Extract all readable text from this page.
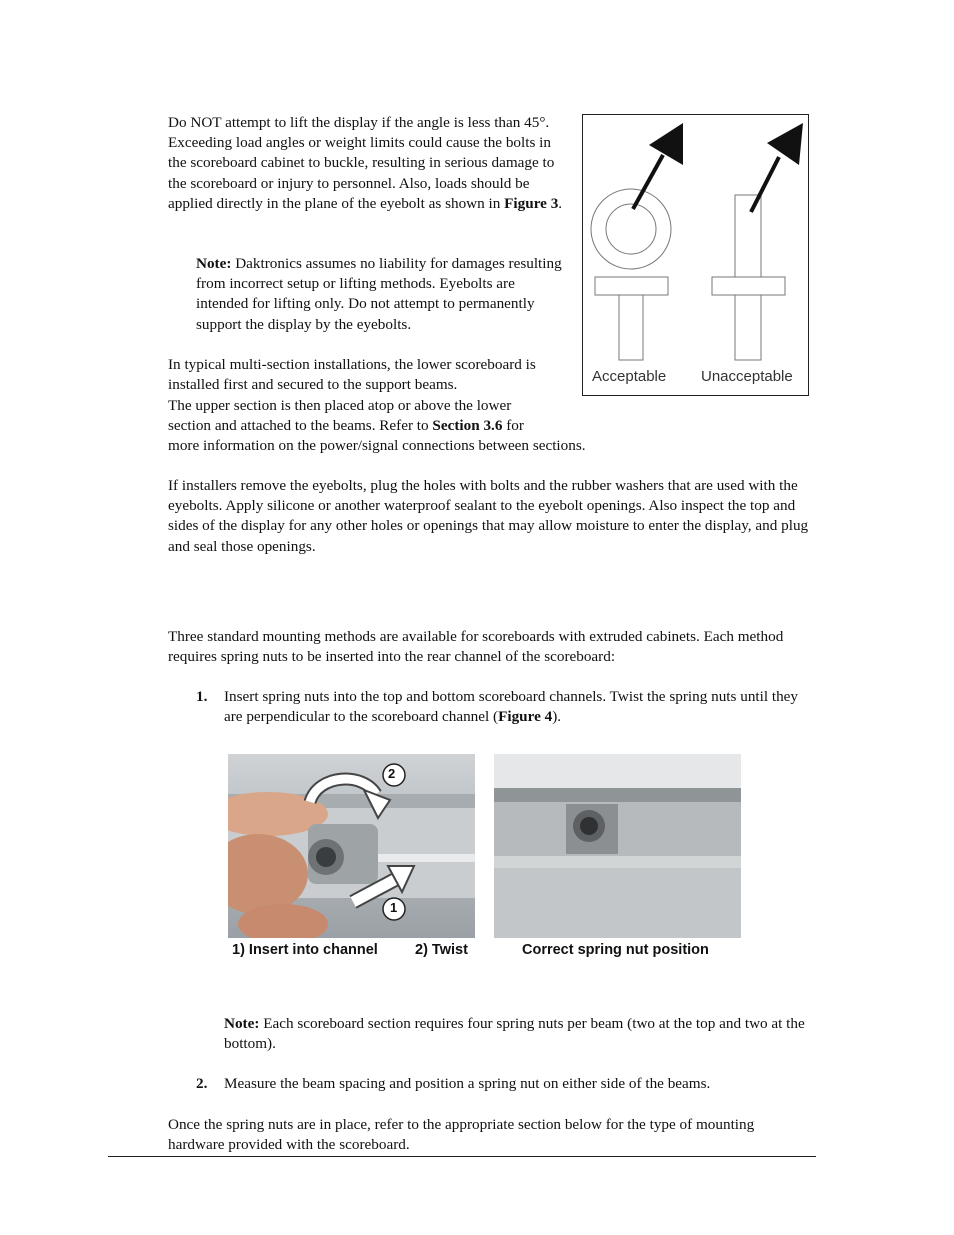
Do NOT attempt to lift the display if the angle is less than 45°. Exceeding load angles or weight limits could cause the bolts in the scoreboard cabinet to buckle, resulting in serious damage to the scoreboard or injury to personnel. Also, loads should be applied directly in the plane of the eyebolt as shown in Figure 3.

Note: Daktronics assumes no liability for damages resulting from incorrect setup or lifting methods. Eyebolts are intended for lifting only. Do not attempt to permanently support the display by the eyebolts.

In typical multi-section installations, the lower scoreboard is installed first and secured to the support beams.	Acceptable Unacceptable

The upper section is then placed atop or above the lower
section and attached to the beams. Refer to Section 3.6 for
more information on the power/signal connections between sections.

If installers remove the eyebolts, plug the holes with bolts and the rubber washers that are used with the eyebolts. Apply silicone or another waterproof sealant to the eyebolt openings. Also inspect the top and sides of the display for any other holes or openings that may allow moisture to enter the display, and plug and seal those openings.

Three standard mounting methods are available for scoreboards with extruded cabinets. Each method requires spring nuts to be inserted into the rear channel of the scoreboard:

1. Insert spring nuts into the top and bottom scoreboard channels. Twist the spring nuts until they are perpendicular to the scoreboard channel (Figure 4).

2
1
1) Insert into channel	2) Twist	Correct spring nut position

Note: Each scoreboard section requires four spring nuts per beam (two at the top and two at the bottom).

2. Measure the beam spacing and position a spring nut on either side of the beams.

Once the spring nuts are in place, refer to the appropriate section below for the type of mounting hardware provided with the scoreboard.
